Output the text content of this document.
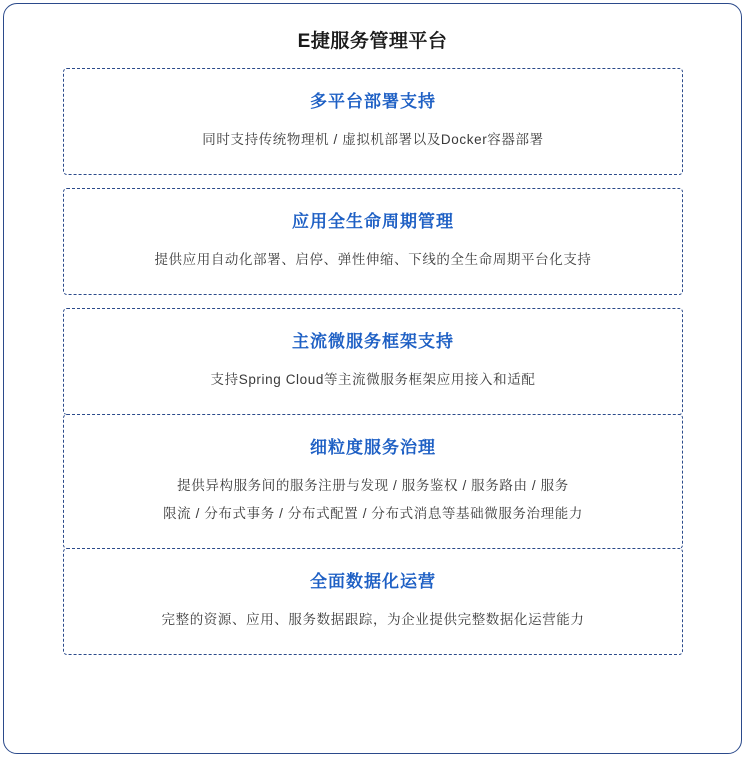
E捷服务管理平台
多平台部署支持
同时支持传统物理机 / 虚拟机部署以及Docker容器部署
应用全生命周期管理
提供应用自动化部署、启停、弹性伸缩、下线的全生命周期平台化支持
主流微服务框架支持
支持Spring Cloud等主流微服务框架应用接入和适配
细粒度服务治理
提供异构服务间的服务注册与发现 / 服务鉴权 / 服务路由 / 服务
限流 / 分布式事务 / 分布式配置 / 分布式消息等基础微服务治理能力
全面数据化运营
完整的资源、应用、服务数据跟踪，为企业提供完整数据化运营能力
